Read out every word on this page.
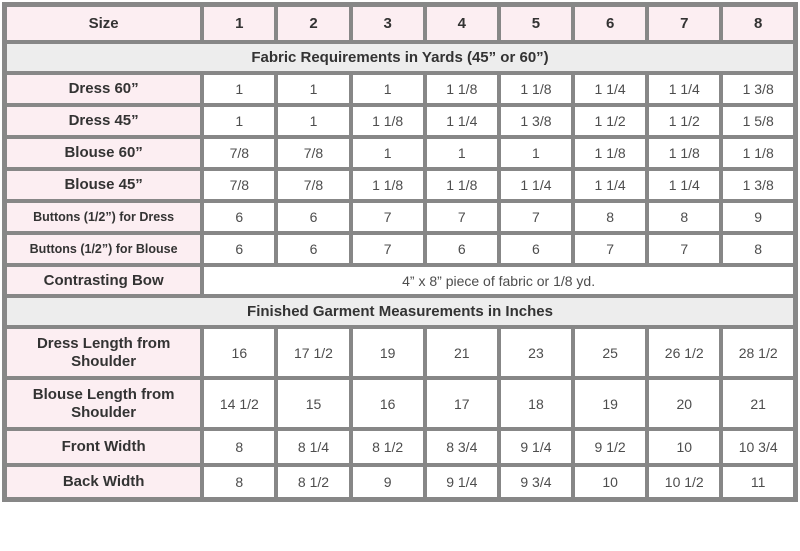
Size	1	2	3	4	5	6	7	8
Fabric Requirements in Yards (45” or 60”)								
Dress 60”	1	1	1	1 1/8	1 1/8	1 1/4	1 1/4	1 3/8
Dress 45”	1	1	1 1/8	1 1/4	1 3/8	1 1/2	1 1/2	1 5/8
Blouse 60”	7/8	7/8	1	1	1	1 1/8	1 1/8	1 1/8
Blouse 45”	7/8	7/8	1 1/8	1 1/8	1 1/4	1 1/4	1 1/4	1 3/8
Buttons (1/2”) for Dress	6	6	7	7	7	8	8	9
Buttons (1/2”) for Blouse	6	6	7	6	6	7	7	8
Contrasting Bow	4” x 8” piece of fabric or 1/8 yd.							
Finished Garment Measurements in Inches								
Dress Length from Shoulder	16	17 1/2	19	21	23	25	26 1/2	28 1/2
Blouse Length from Shoulder	14 1/2	15	16	17	18	19	20	21
Front Width	8	8 1/4	8 1/2	8 3/4	9 1/4	9 1/2	10	10 3/4
Back Width	8	8 1/2	9	9 1/4	9 3/4	10	10 1/2	11
